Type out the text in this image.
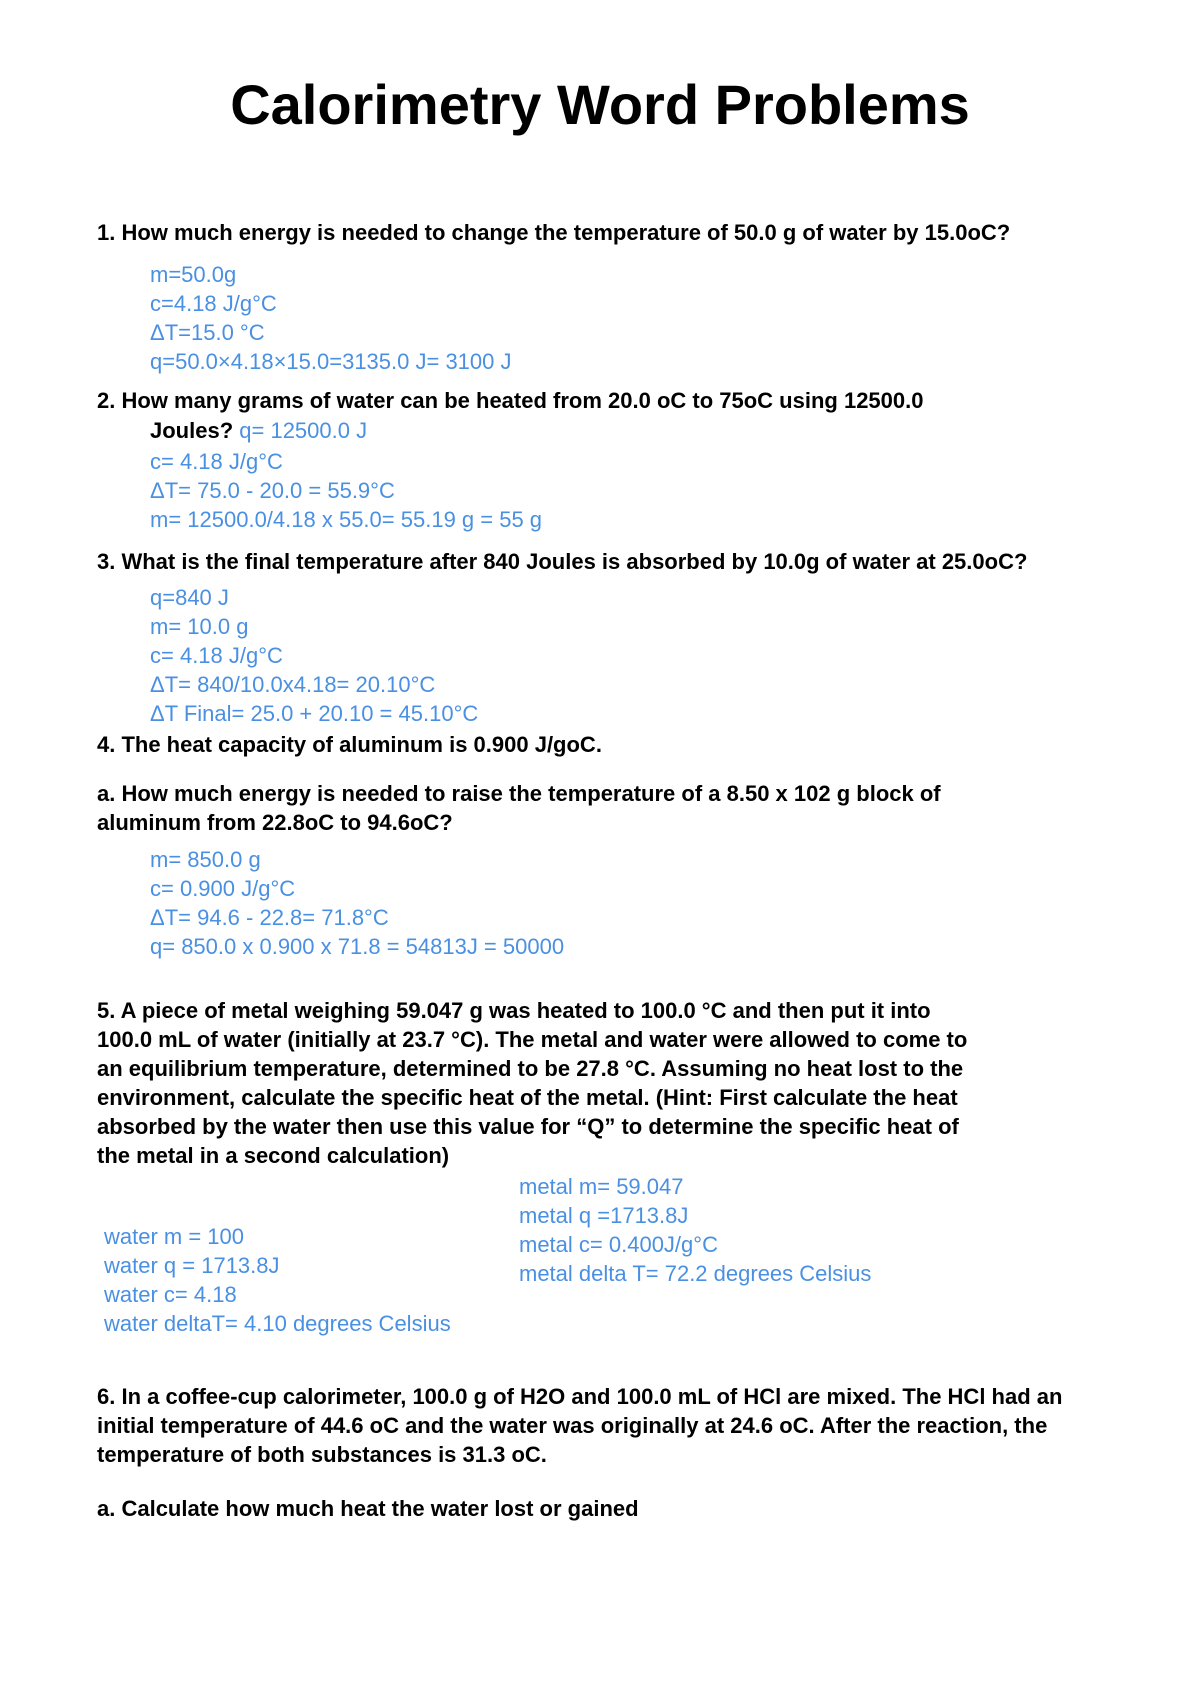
Calorimetry Word Problems
1. How much energy is needed to change the temperature of 50.0 g of water by 15.0oC?
m=50.0g
c=4.18 J/g°C
ΔT=15.0 °C
q=50.0×4.18×15.0=3135.0 J= 3100 J
2. How many grams of water can be heated from 20.0 oC to 75oC using 12500.0
Joules? q= 12500.0 J
c= 4.18 J/g°C
ΔT= 75.0 - 20.0 = 55.9°C
m= 12500.0/4.18 x 55.0= 55.19 g = 55 g
3. What is the final temperature after 840 Joules is absorbed by 10.0g of water at 25.0oC?
q=840 J
m= 10.0 g
c= 4.18 J/g°C
ΔT= 840/10.0x4.18= 20.10°C
ΔT Final= 25.0 + 20.10 = 45.10°C
4. The heat capacity of aluminum is 0.900 J/goC.
a. How much energy is needed to raise the temperature of a 8.50 x 102 g block of
aluminum from 22.8oC to 94.6oC?
m= 850.0 g
c= 0.900 J/g°C
ΔT= 94.6 - 22.8= 71.8°C
q= 850.0 x 0.900 x 71.8 = 54813J = 50000
5. A piece of metal weighing 59.047 g was heated to 100.0 °C and then put it into
100.0 mL of water (initially at 23.7 °C). The metal and water were allowed to come to
an equilibrium temperature, determined to be 27.8 °C. Assuming no heat lost to the
environment, calculate the specific heat of the metal. (Hint: First calculate the heat
absorbed by the water then use this value for “Q” to determine the specific heat of
the metal in a second calculation)
metal m= 59.047
metal q =1713.8J
metal c= 0.400J/g°C
metal delta T= 72.2 degrees Celsius
water m = 100
water q = 1713.8J
water c= 4.18
water deltaT= 4.10 degrees Celsius
6. In a coffee-cup calorimeter, 100.0 g of H2O and 100.0 mL of HCl are mixed. The HCl had an
initial temperature of 44.6 oC and the water was originally at 24.6 oC. After the reaction, the
temperature of both substances is 31.3 oC.
a. Calculate how much heat the water lost or gained
